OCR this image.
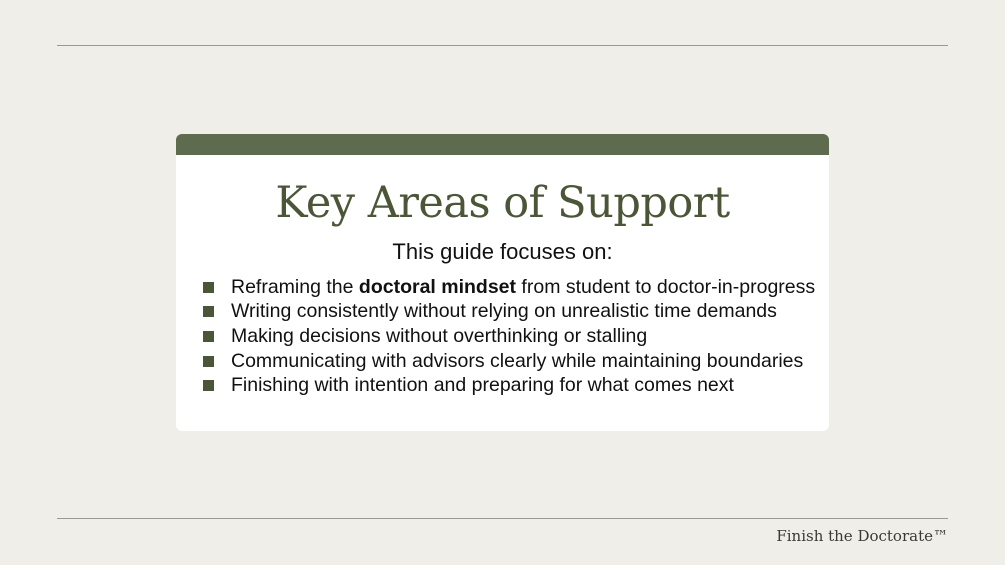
Key Areas of Support
This guide focuses on:
Reframing the doctoral mindset from student to doctor-in-progress
Writing consistently without relying on unrealistic time demands
Making decisions without overthinking or stalling
Communicating with advisors clearly while maintaining boundaries
Finishing with intention and preparing for what comes next
Finish the Doctorate™
